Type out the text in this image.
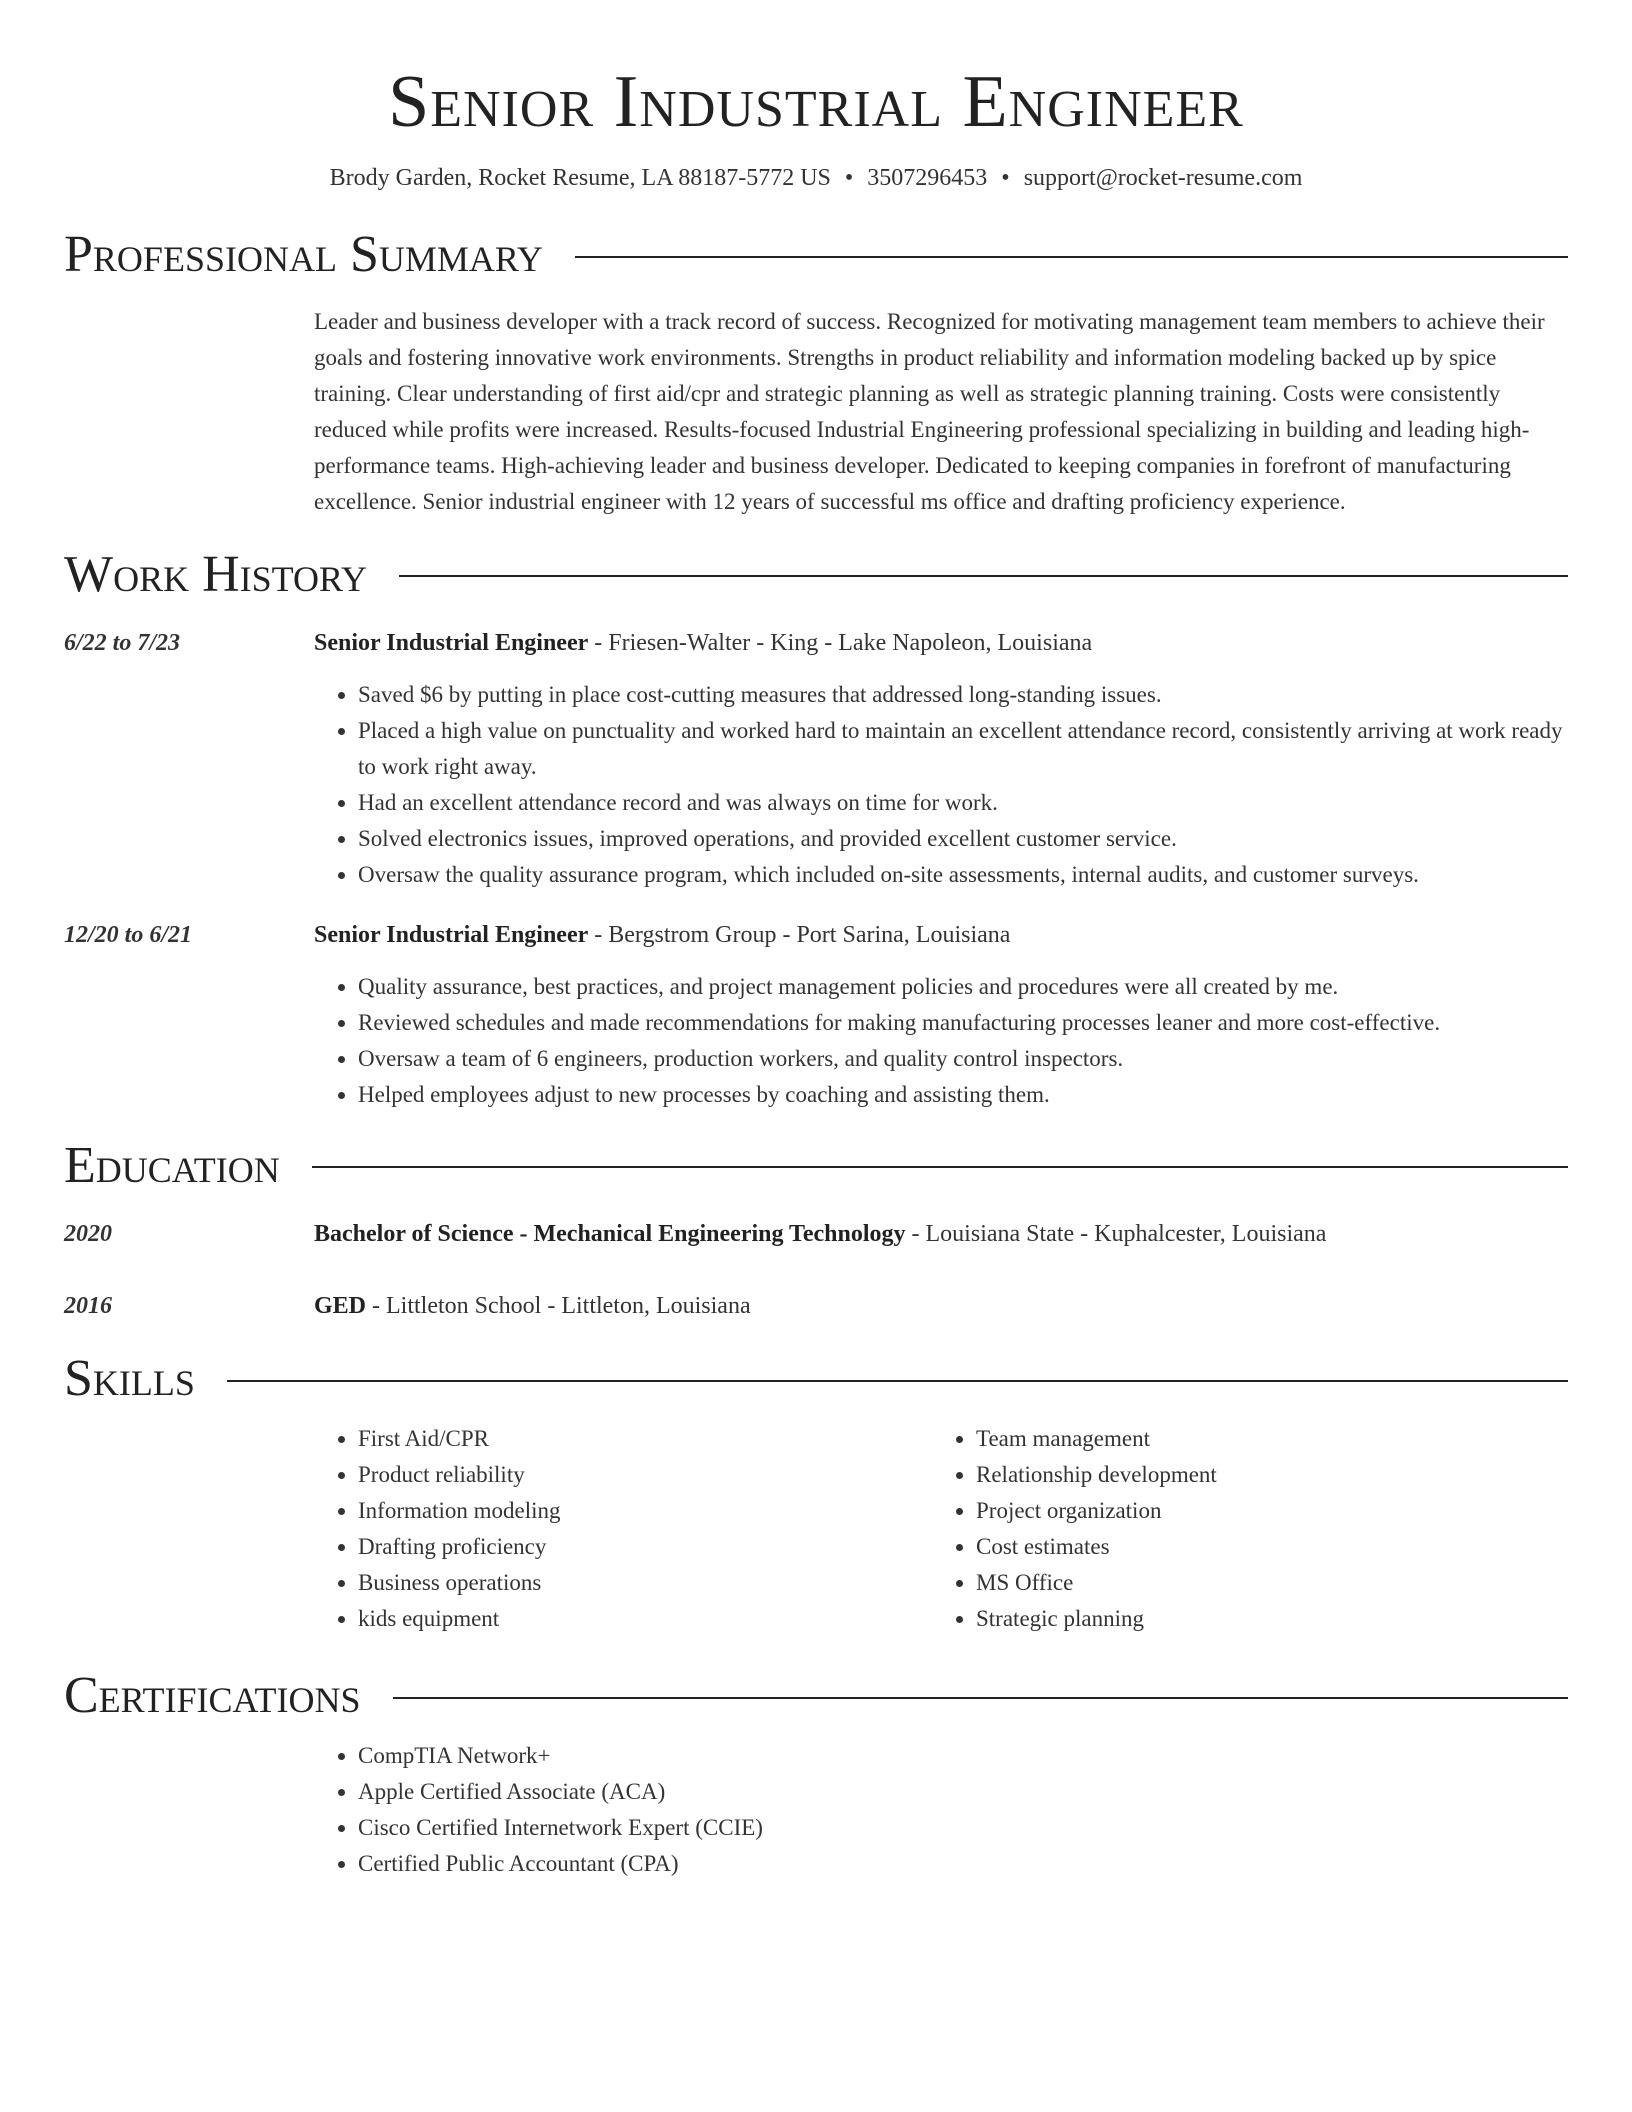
Senior Industrial Engineer
Brody Garden, Rocket Resume, LA 88187-5772 US • 3507296453 • support@rocket-resume.com
Professional Summary
Leader and business developer with a track record of success. Recognized for motivating management team members to achieve their goals and fostering innovative work environments. Strengths in product reliability and information modeling backed up by spice training. Clear understanding of first aid/cpr and strategic planning as well as strategic planning training. Costs were consistently reduced while profits were increased. Results-focused Industrial Engineering professional specializing in building and leading high-performance teams. High-achieving leader and business developer. Dedicated to keeping companies in forefront of manufacturing excellence. Senior industrial engineer with 12 years of successful ms office and drafting proficiency experience.
Work History
6/22 to 7/23	Senior Industrial Engineer - Friesen-Walter - King - Lake Napoleon, Louisiana
• Saved $6 by putting in place cost-cutting measures that addressed long-standing issues.
• Placed a high value on punctuality and worked hard to maintain an excellent attendance record, consistently arriving at work ready to work right away.
• Had an excellent attendance record and was always on time for work.
• Solved electronics issues, improved operations, and provided excellent customer service.
• Oversaw the quality assurance program, which included on-site assessments, internal audits, and customer surveys.
12/20 to 6/21	Senior Industrial Engineer - Bergstrom Group - Port Sarina, Louisiana
• Quality assurance, best practices, and project management policies and procedures were all created by me.
• Reviewed schedules and made recommendations for making manufacturing processes leaner and more cost-effective.
• Oversaw a team of 6 engineers, production workers, and quality control inspectors.
• Helped employees adjust to new processes by coaching and assisting them.
Education
2020	Bachelor of Science - Mechanical Engineering Technology - Louisiana State - Kuphalcester, Louisiana
2016	GED - Littleton School - Littleton, Louisiana
Skills
• First Aid/CPR
• Product reliability
• Information modeling
• Drafting proficiency
• Business operations
• kids equipment
• Team management
• Relationship development
• Project organization
• Cost estimates
• MS Office
• Strategic planning
Certifications
• CompTIA Network+
• Apple Certified Associate (ACA)
• Cisco Certified Internetwork Expert (CCIE)
• Certified Public Accountant (CPA)
